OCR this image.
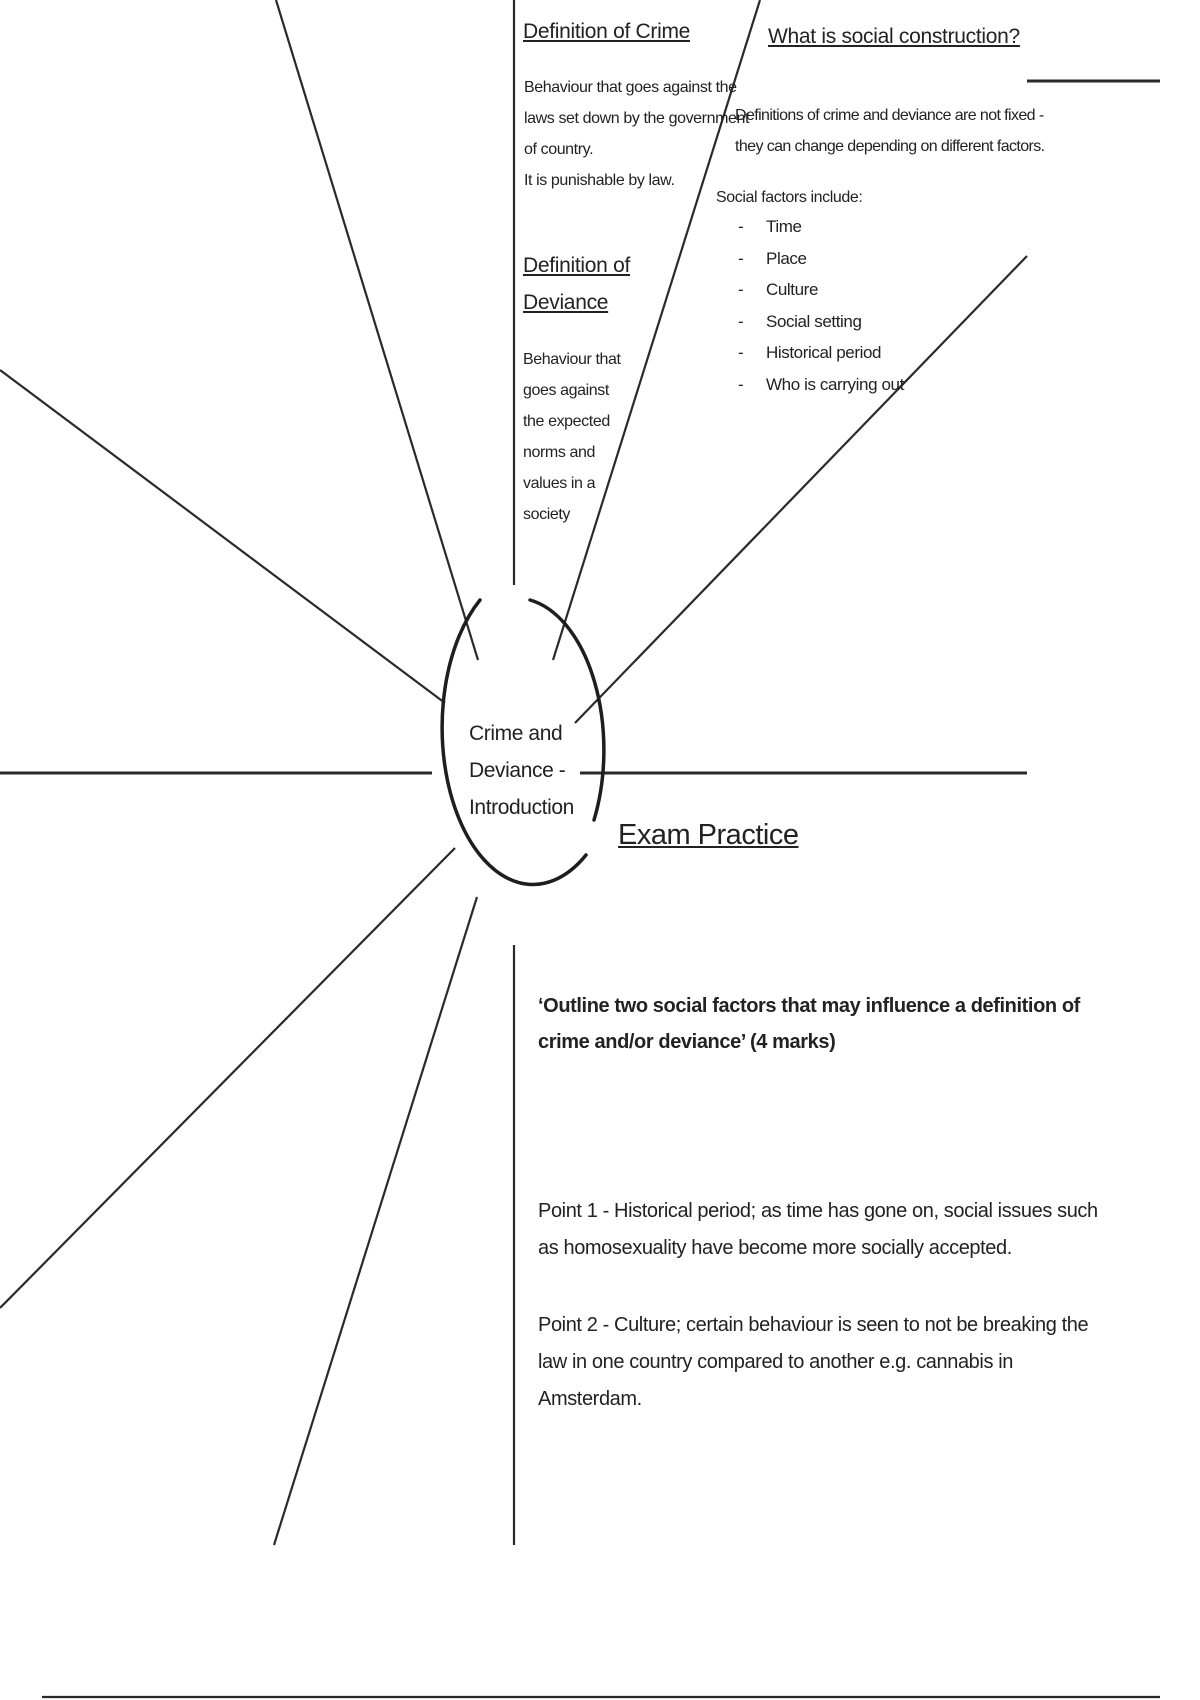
Crime and
Deviance -
Introduction
Definition of Crime
Behaviour that goes against the
laws set down by the government
of country.
It is punishable by law.
Definition of
Deviance
Behaviour that
goes against
the expected
norms and
values in a
society
What is social construction?
Definitions of crime and deviance are not fixed -
they can change depending on different factors.
Social factors include:
- Time
- Place
- Culture
- Social setting
- Historical period
- Who is carrying out
Exam Practice
‘Outline two social factors that may influence a definition of
crime and/or deviance’ (4 marks)
Point 1 - Historical period; as time has gone on, social issues such
as homosexuality have become more socially accepted.
Point 2 - Culture; certain behaviour is seen to not be breaking the
law in one country compared to another e.g. cannabis in
Amsterdam.
